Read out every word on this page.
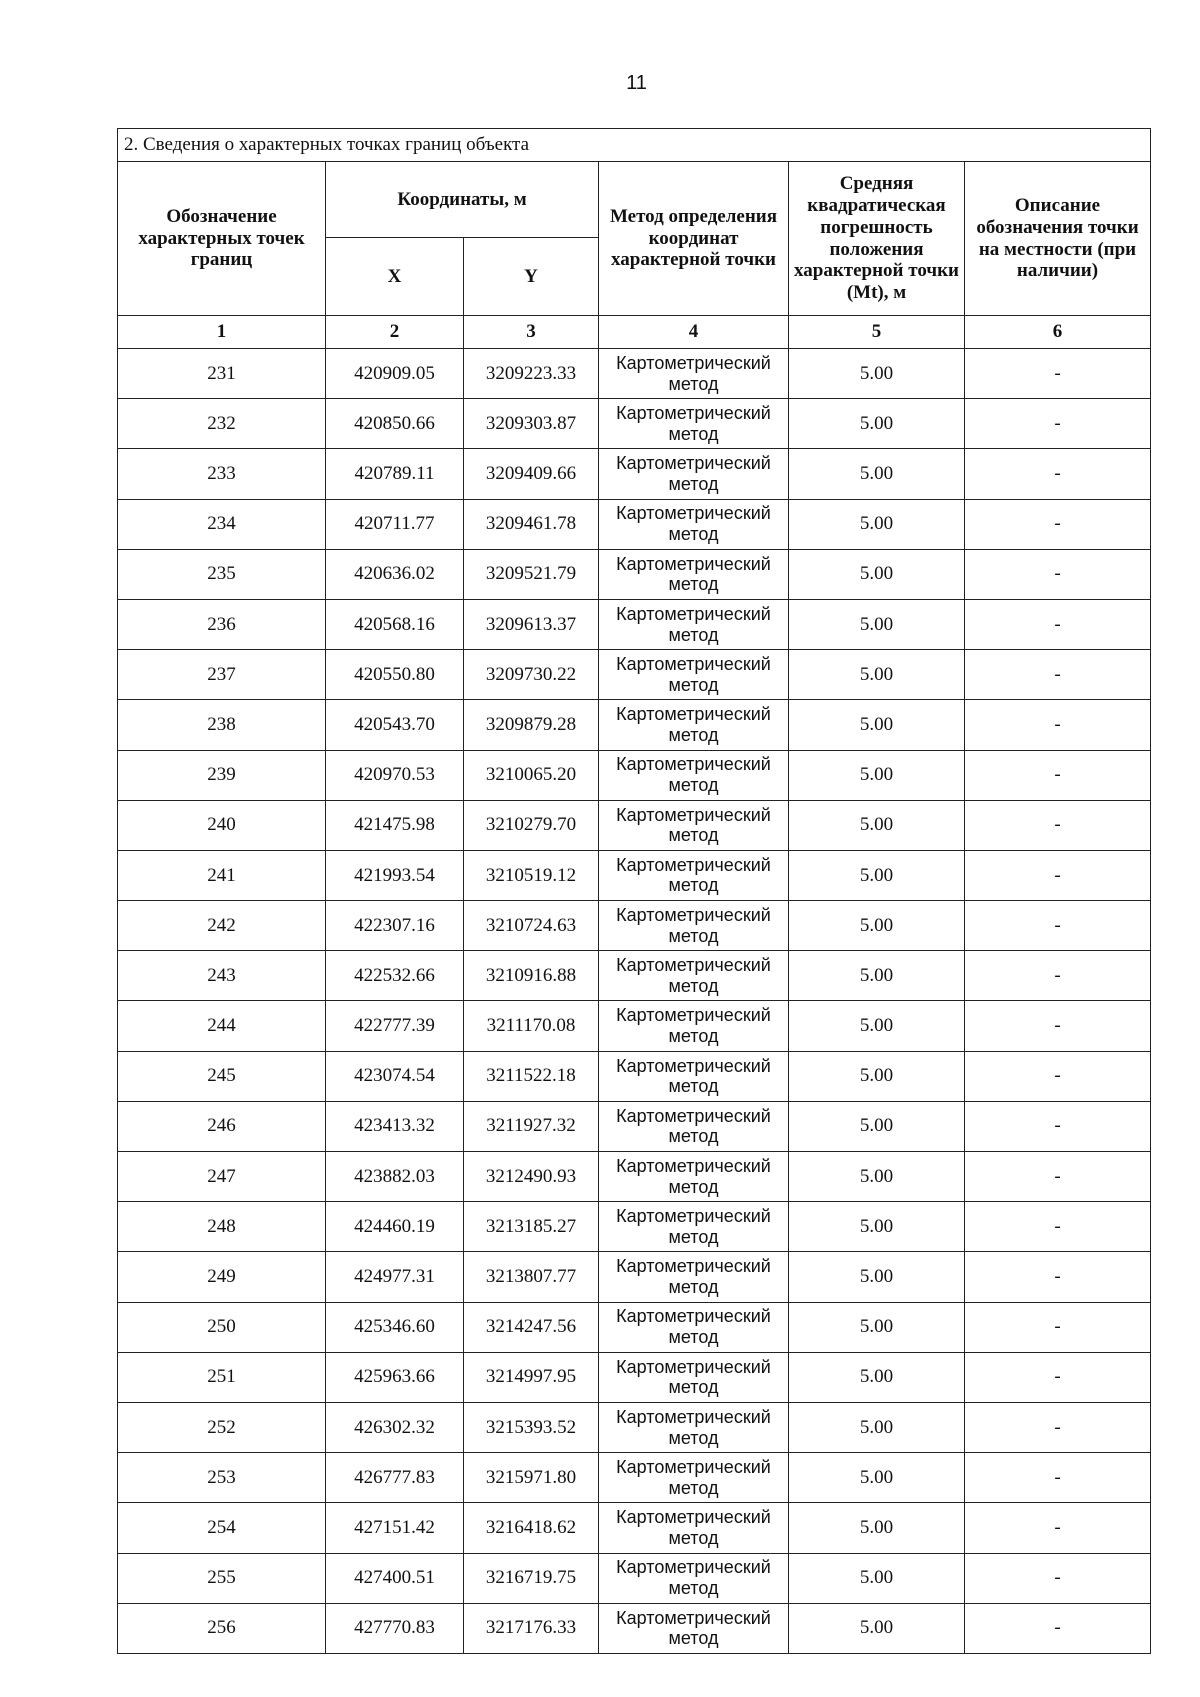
11
2. Сведения о характерных точках границ объекта					
Обозначение характерных точек границ	Координаты, м		Метод определения координат характерной точки	Средняя квадратическая погрешность положения характерной точки (Mt), м	Описание обозначения точки на местности (при наличии)
	X	Y			
1	2	3	4	5	6
231	420909.05	3209223.33	Картометрический метод	5.00	-
232	420850.66	3209303.87	Картометрический метод	5.00	-
233	420789.11	3209409.66	Картометрический метод	5.00	-
234	420711.77	3209461.78	Картометрический метод	5.00	-
235	420636.02	3209521.79	Картометрический метод	5.00	-
236	420568.16	3209613.37	Картометрический метод	5.00	-
237	420550.80	3209730.22	Картометрический метод	5.00	-
238	420543.70	3209879.28	Картометрический метод	5.00	-
239	420970.53	3210065.20	Картометрический метод	5.00	-
240	421475.98	3210279.70	Картометрический метод	5.00	-
241	421993.54	3210519.12	Картометрический метод	5.00	-
242	422307.16	3210724.63	Картометрический метод	5.00	-
243	422532.66	3210916.88	Картометрический метод	5.00	-
244	422777.39	3211170.08	Картометрический метод	5.00	-
245	423074.54	3211522.18	Картометрический метод	5.00	-
246	423413.32	3211927.32	Картометрический метод	5.00	-
247	423882.03	3212490.93	Картометрический метод	5.00	-
248	424460.19	3213185.27	Картометрический метод	5.00	-
249	424977.31	3213807.77	Картометрический метод	5.00	-
250	425346.60	3214247.56	Картометрический метод	5.00	-
251	425963.66	3214997.95	Картометрический метод	5.00	-
252	426302.32	3215393.52	Картометрический метод	5.00	-
253	426777.83	3215971.80	Картометрический метод	5.00	-
254	427151.42	3216418.62	Картометрический метод	5.00	-
255	427400.51	3216719.75	Картометрический метод	5.00	-
256	427770.83	3217176.33	Картометрический метод	5.00	-
